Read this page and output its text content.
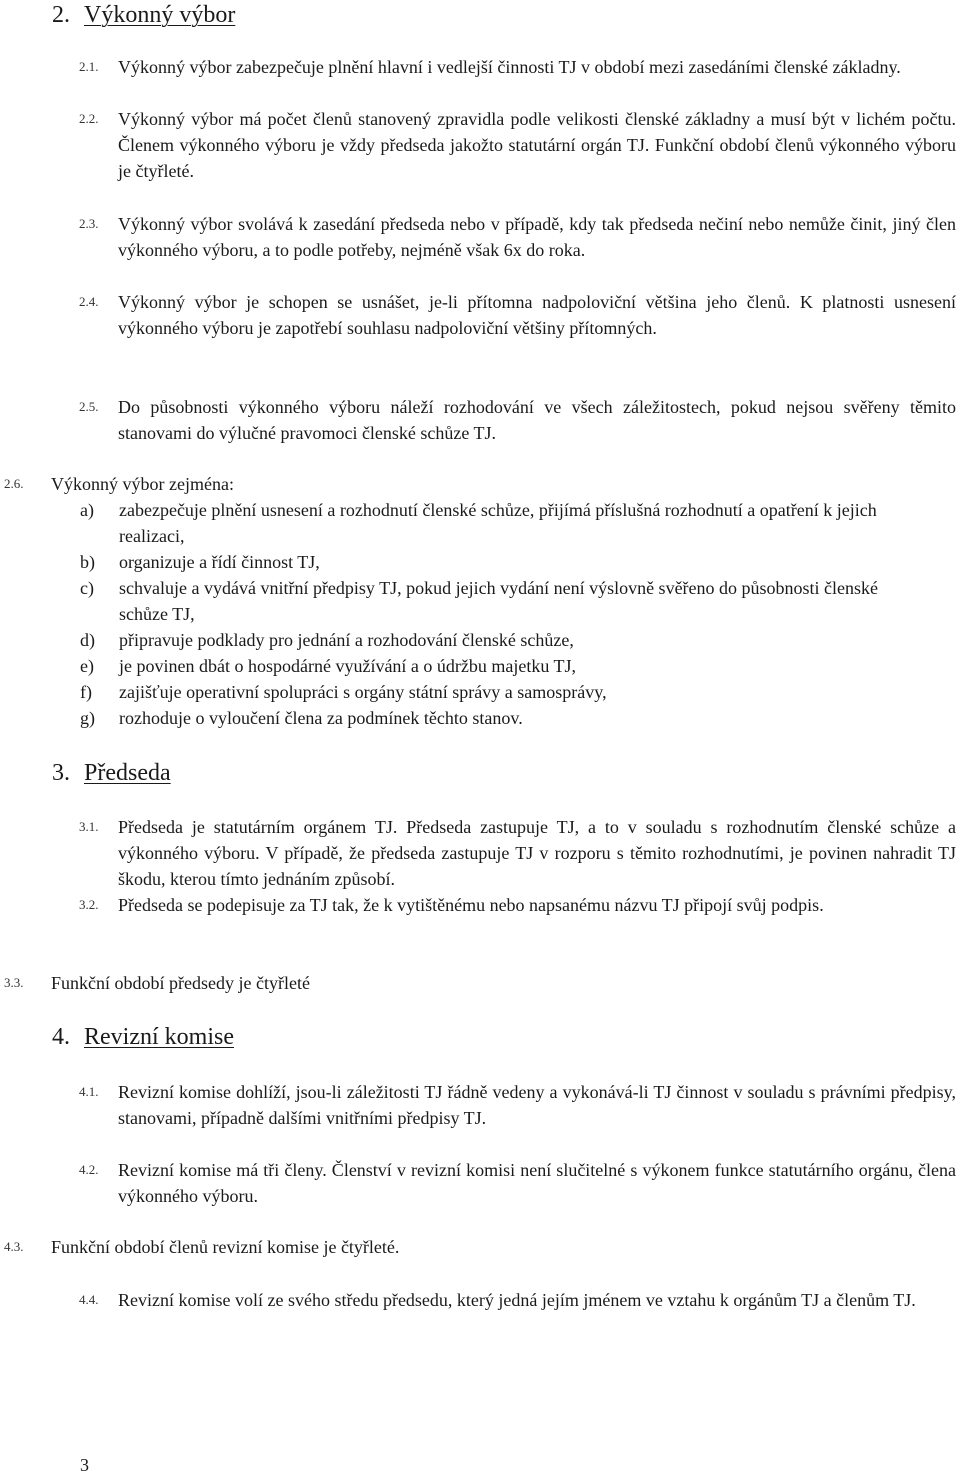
2. Výkonný výbor
2.1. Výkonný výbor zabezpečuje plnění hlavní i vedlejší činnosti TJ v období mezi zasedáními členské základny.
2.2. Výkonný výbor má počet členů stanovený zpravidla podle velikosti členské základny a musí být v lichém počtu. Členem výkonného výboru je vždy předseda jakožto statutární orgán TJ. Funkční období členů výkonného výboru je čtyřleté.
2.3. Výkonný výbor svolává k zasedání předseda nebo v případě, kdy tak předseda nečiní nebo nemůže činit, jiný člen výkonného výboru, a to podle potřeby, nejméně však 6x do roka.
2.4. Výkonný výbor je schopen se usnášet, je-li přítomna nadpoloviční většina jeho členů. K platnosti usnesení výkonného výboru je zapotřebí souhlasu nadpoloviční většiny přítomných.
2.5. Do působnosti výkonného výboru náleží rozhodování ve všech záležitostech, pokud nejsou svěřeny těmito stanovami do výlučné pravomoci členské schůze TJ.
2.6. Výkonný výbor zejména:
a) zabezpečuje plnění usnesení a rozhodnutí členské schůze, přijímá příslušná rozhodnutí a opatření k jejich realizaci,
b) organizuje a řídí činnost TJ,
c) schvaluje a vydává vnitřní předpisy TJ, pokud jejich vydání není výslovně svěřeno do působnosti členské schůze TJ,
d) připravuje podklady pro jednání a rozhodování členské schůze,
e) je povinen dbát o hospodárné využívání a o údržbu majetku TJ,
f) zajišťuje operativní spolupráci s orgány státní správy a samosprávy,
g) rozhoduje o vyloučení člena za podmínek těchto stanov.
3. Předseda
3.1. Předseda je statutárním orgánem TJ. Předseda zastupuje TJ, a to v souladu s rozhodnutím členské schůze a výkonného výboru. V případě, že předseda zastupuje TJ v rozporu s těmito rozhodnutími, je povinen nahradit TJ škodu, kterou tímto jednáním způsobí.
3.2. Předseda se podepisuje za TJ tak, že k vytištěnému nebo napsanému názvu TJ připojí svůj podpis.
3.3. Funkční období předsedy je čtyřleté
4. Revizní komise
4.1. Revizní komise dohlíží, jsou-li záležitosti TJ řádně vedeny a vykonává-li TJ činnost v souladu s právními předpisy, stanovami, případně dalšími vnitřními předpisy TJ.
4.2. Revizní komise má tři členy. Členství v revizní komisi není slučitelné s výkonem funkce statutárního orgánu, člena výkonného výboru.
4.3. Funkční období členů revizní komise je čtyřleté.
4.4. Revizní komise volí ze svého středu předsedu, který jedná jejím jménem ve vztahu k orgánům TJ a členům TJ.
3
